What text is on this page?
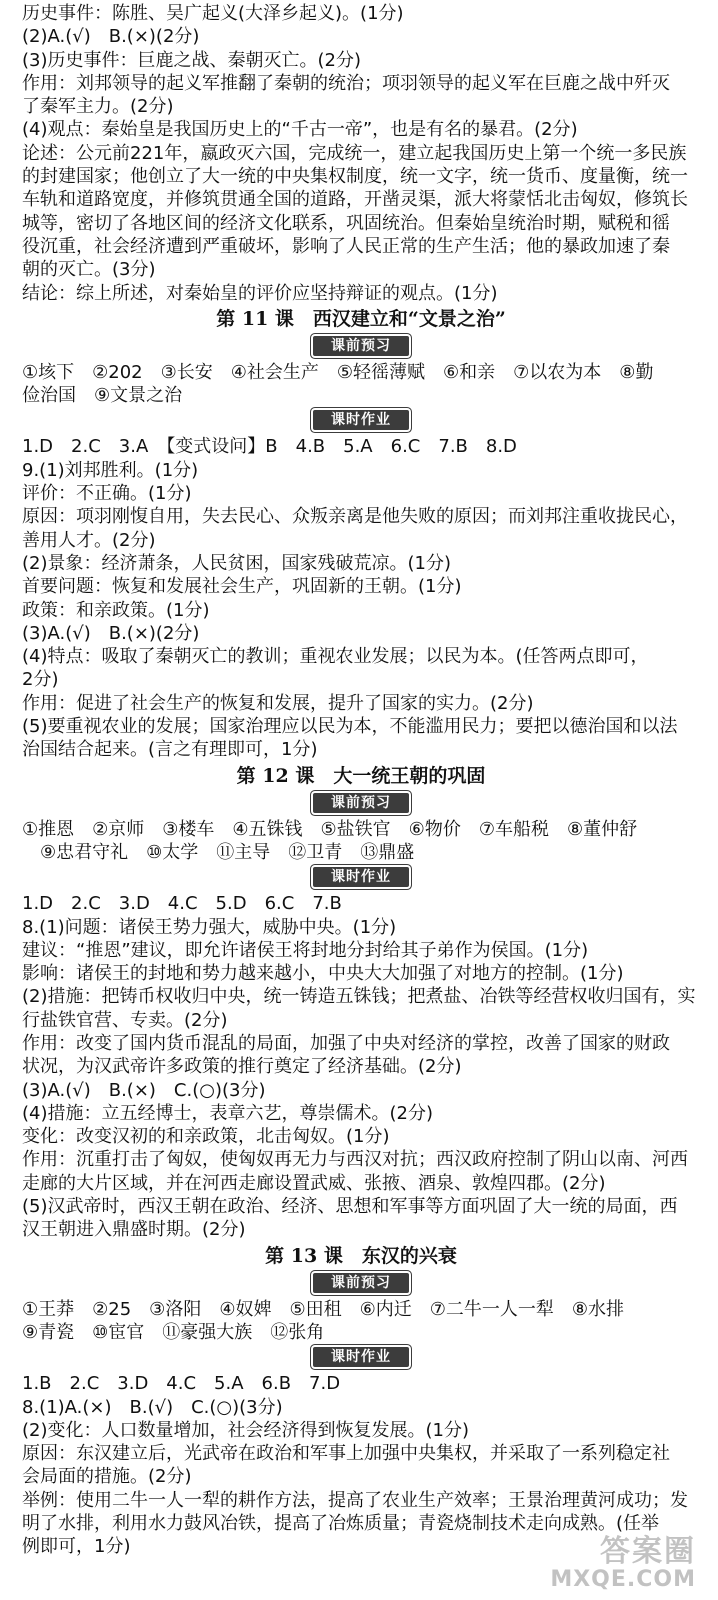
历史事件：陈胜、吴广起义(大泽乡起义)。(1分)
(2)A.(√)　B.(×)(2分)
(3)历史事件：巨鹿之战、秦朝灭亡。(2分)
作用：刘邦领导的起义军推翻了秦朝的统治；项羽领导的起义军在巨鹿之战中歼灭
了秦军主力。(2分)
(4)观点：秦始皇是我国历史上的“千古一帝”，也是有名的暴君。(2分)
论述：公元前221年，嬴政灭六国，完成统一，建立起我国历史上第一个统一多民族
的封建国家；他创立了大一统的中央集权制度，统一文字，统一货币、度量衡，统一
车轨和道路宽度，并修筑贯通全国的道路，开凿灵渠，派大将蒙恬北击匈奴，修筑长
城等，密切了各地区间的经济文化联系，巩固统治。但秦始皇统治时期，赋税和徭
役沉重，社会经济遭到严重破坏，影响了人民正常的生产生活；他的暴政加速了秦
朝的灭亡。(3分)
结论：综上所述，对秦始皇的评价应坚持辩证的观点。(1分)
第 11 课　西汉建立和“文景之治”
课前预习
①垓下　②202　③长安　④社会生产　⑤轻徭薄赋　⑥和亲　⑦以农为本　⑧勤
俭治国　⑨文景之治
课时作业
1.D　2.C　3.A　【变式设问】B　4.B　5.A　6.C　7.B　8.D
9.(1)刘邦胜利。(1分)
评价：不正确。(1分)
原因：项羽刚愎自用，失去民心、众叛亲离是他失败的原因；而刘邦注重收拢民心，
善用人才。(2分)
(2)景象：经济萧条，人民贫困，国家残破荒凉。(1分)
首要问题：恢复和发展社会生产，巩固新的王朝。(1分)
政策：和亲政策。(1分)
(3)A.(√)　B.(×)(2分)
(4)特点：吸取了秦朝灭亡的教训；重视农业发展；以民为本。(任答两点即可，
2分)
作用：促进了社会生产的恢复和发展，提升了国家的实力。(2分)
(5)要重视农业的发展；国家治理应以民为本，不能滥用民力；要把以德治国和以法
治国结合起来。(言之有理即可，1分)
第 12 课　大一统王朝的巩固
课前预习
①推恩　②京师　③楼车　④五铢钱　⑤盐铁官　⑥物价　⑦车船税　⑧董仲舒
　⑨忠君守礼　⑩太学　⑪主导　⑫卫青　⑬鼎盛
课时作业
1.D　2.C　3.D　4.C　5.D　6.C　7.B
8.(1)问题：诸侯王势力强大，威胁中央。(1分)
建议：“推恩”建议，即允许诸侯王将封地分封给其子弟作为侯国。(1分)
影响：诸侯王的封地和势力越来越小，中央大大加强了对地方的控制。(1分)
(2)措施：把铸币权收归中央，统一铸造五铢钱；把煮盐、冶铁等经营权收归国有，实
行盐铁官营、专卖。(2分)
作用：改变了国内货币混乱的局面，加强了中央对经济的掌控，改善了国家的财政
状况，为汉武帝许多政策的推行奠定了经济基础。(2分)
(3)A.(√)　B.(×)　C.(○)(3分)
(4)措施：立五经博士，表章六艺，尊崇儒术。(2分)
变化：改变汉初的和亲政策，北击匈奴。(1分)
作用：沉重打击了匈奴，使匈奴再无力与西汉对抗；西汉政府控制了阴山以南、河西
走廊的大片区域，并在河西走廊设置武威、张掖、酒泉、敦煌四郡。(2分)
(5)汉武帝时，西汉王朝在政治、经济、思想和军事等方面巩固了大一统的局面，西
汉王朝进入鼎盛时期。(2分)
第 13 课　东汉的兴衰
课前预习
①王莽　②25　③洛阳　④奴婢　⑤田租　⑥内迁　⑦二牛一人一犁　⑧水排
⑨青瓷　⑩宦官　⑪豪强大族　⑫张角
课时作业
1.B　2.C　3.D　4.C　5.A　6.B　7.D
8.(1)A.(×)　B.(√)　C.(○)(3分)
(2)变化：人口数量增加，社会经济得到恢复发展。(1分)
原因：东汉建立后，光武帝在政治和军事上加强中央集权，并采取了一系列稳定社
会局面的措施。(2分)
举例：使用二牛一人一犁的耕作方法，提高了农业生产效率；王景治理黄河成功；发
明了水排，利用水力鼓风冶铁，提高了冶炼质量；青瓷烧制技术走向成熟。(任举
例即可，1分)	答案圈
MXQE.COM
